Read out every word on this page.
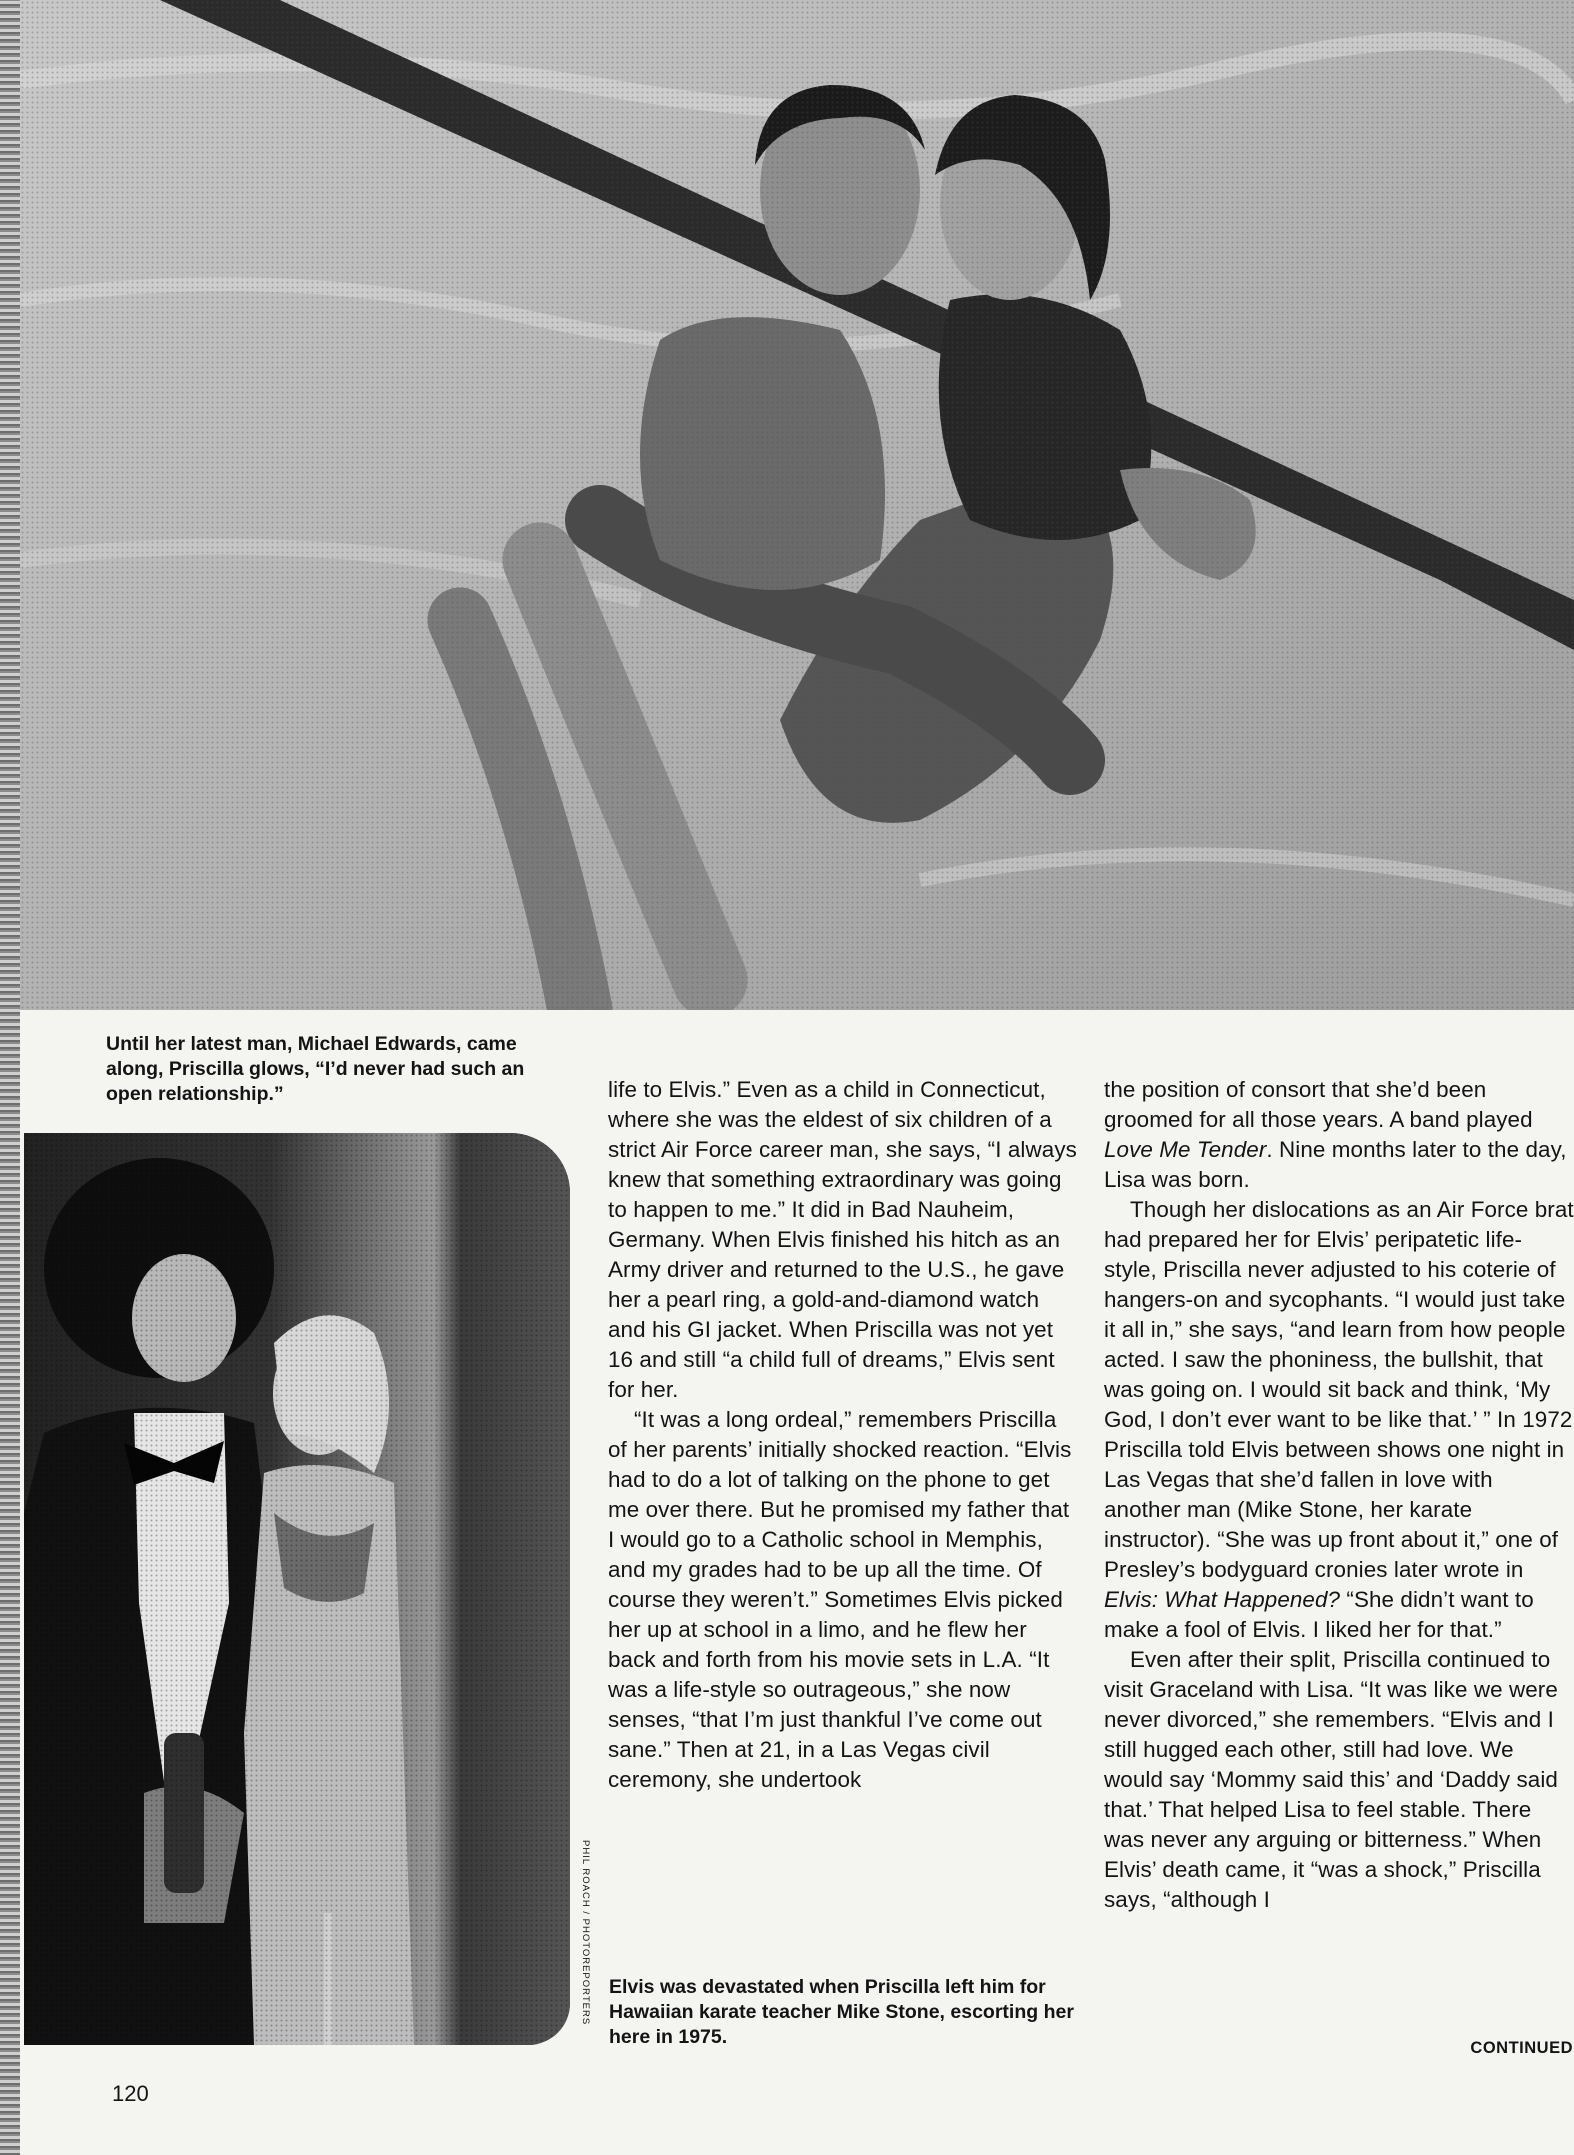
Until her latest man, Michael Edwards, came along, Priscilla glows, “I’d never had such an open relationship.”

PHIL ROACH / PHOTOREPORTERS

life to Elvis.” Even as a child in Connecticut, where she was the eldest of six children of a strict Air Force career man, she says, “I always knew that something extraordinary was going to happen to me.” It did in Bad Nauheim, Germany. When Elvis finished his hitch as an Army driver and returned to the U.S., he gave her a pearl ring, a gold-and-diamond watch and his GI jacket. When Priscilla was not yet 16 and still “a child full of dreams,” Elvis sent for her.

“It was a long ordeal,” remembers Priscilla of her parents’ initially shocked reaction. “Elvis had to do a lot of talking on the phone to get me over there. But he promised my father that I would go to a Catholic school in Memphis, and my grades had to be up all the time. Of course they weren’t.” Sometimes Elvis picked her up at school in a limo, and he flew her back and forth from his movie sets in L.A. “It was a life-style so outrageous,” she now senses, “that I’m just thankful I’ve come out sane.” Then at 21, in a Las Vegas civil ceremony, she undertook

the position of consort that she’d been groomed for all those years. A band played Love Me Tender. Nine months later to the day, Lisa was born.

Though her dislocations as an Air Force brat had prepared her for Elvis’ peripatetic life-style, Priscilla never adjusted to his coterie of hangers-on and sycophants. “I would just take it all in,” she says, “and learn from how people acted. I saw the phoniness, the bullshit, that was going on. I would sit back and think, ‘My God, I don’t ever want to be like that.’ ” In 1972 Priscilla told Elvis between shows one night in Las Vegas that she’d fallen in love with another man (Mike Stone, her karate instructor). “She was up front about it,” one of Presley’s bodyguard cronies later wrote in Elvis: What Happened? “She didn’t want to make a fool of Elvis. I liked her for that.”

Even after their split, Priscilla continued to visit Graceland with Lisa. “It was like we were never divorced,” she remembers. “Elvis and I still hugged each other, still had love. We would say ‘Mommy said this’ and ‘Daddy said that.’ That helped Lisa to feel stable. There was never any arguing or bitterness.” When Elvis’ death came, it “was a shock,” Priscilla says, “although I

Elvis was devastated when Priscilla left him for Hawaiian karate teacher Mike Stone, escorting her here in 1975.	CONTINUED
120
